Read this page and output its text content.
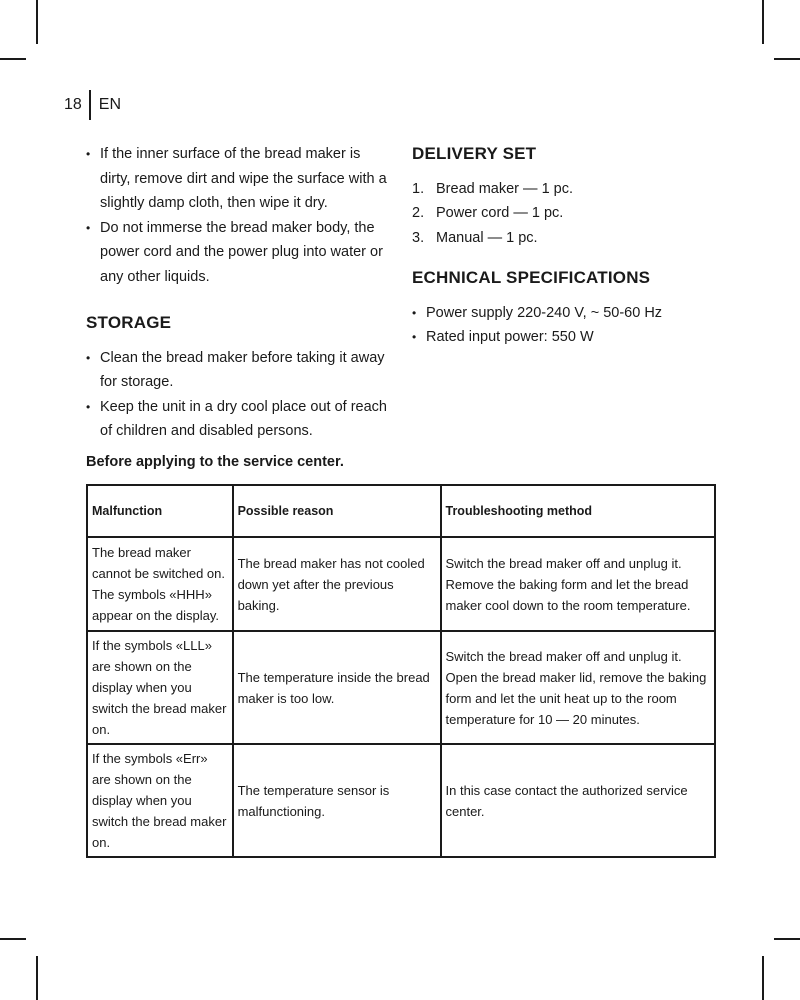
18	EN
• If the inner surface of the bread maker is dirty, remove dirt and wipe the surface with a slightly damp cloth, then wipe it dry.
• Do not immerse the bread maker body, the power cord and the power plug into water or any other liquids.
STORAGE
• Clean the bread maker before taking it away for storage.
• Keep the unit in a dry cool place out of reach of children and disabled persons.
DELIVERY SET
1. Bread maker — 1 pc.
2. Power cord — 1 pc.
3. Manual — 1 pc.
ECHNICAL SPECIFICATIONS
• Power supply 220-240 V, ~ 50-60 Hz
• Rated input power: 550 W
Before applying to the service center.
Malfunction	Possible reason	Troubleshooting method
The bread maker cannot be switched on. The symbols «HHH» appear on the display.	The bread maker has not cooled down yet after the previous baking.	Switch the bread maker off and unplug it. Remove the baking form and let the bread maker cool down to the room temperature.
If the symbols «LLL» are shown on the display when you switch the bread maker on.	The temperature inside the bread maker is too low.	Switch the bread maker off and unplug it. Open the bread maker lid, remove the baking form and let the unit heat up to the room temperature for 10 — 20 minutes.
If the symbols «Err» are shown on the display when you switch the bread maker on.	The temperature sensor is malfunctioning.	In this case contact the authorized service center.
